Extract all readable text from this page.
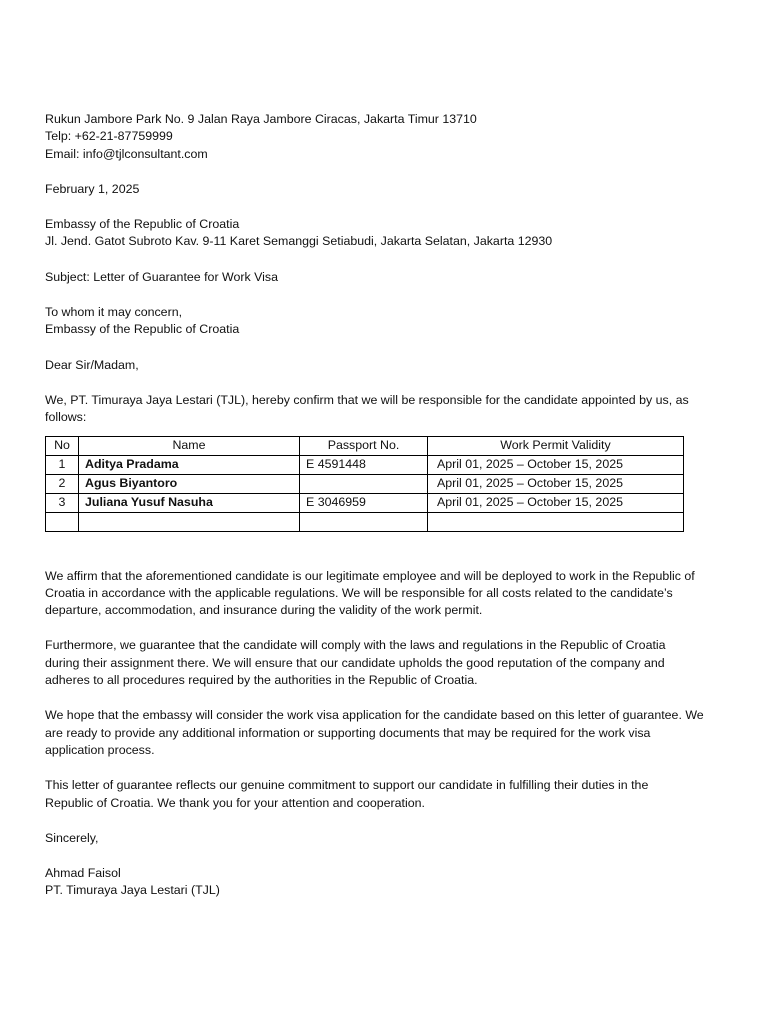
Rukun Jambore Park No. 9 Jalan Raya Jambore Ciracas, Jakarta Timur 13710
Telp: +62-21-87759999
Email: info@tjlconsultant.com
February 1, 2025
Embassy of the Republic of Croatia
Jl. Jend. Gatot Subroto Kav. 9-11 Karet Semanggi Setiabudi, Jakarta Selatan, Jakarta 12930
Subject: Letter of Guarantee for Work Visa
To whom it may concern,
Embassy of the Republic of Croatia
Dear Sir/Madam,
We, PT. Timuraya Jaya Lestari (TJL), hereby confirm that we will be responsible for the candidate appointed by us, as
follows:
No	Name	Passport No.	Work Permit Validity
1	Aditya Pradama	E 4591448	April 01, 2025 – October 15, 2025
2	Agus Biyantoro		April 01, 2025 – October 15, 2025
3	Juliana Yusuf Nasuha	E 3046959	April 01, 2025 – October 15, 2025

We affirm that the aforementioned candidate is our legitimate employee and will be deployed to work in the Republic of
Croatia in accordance with the applicable regulations. We will be responsible for all costs related to the candidate’s
departure, accommodation, and insurance during the validity of the work permit.
Furthermore, we guarantee that the candidate will comply with the laws and regulations in the Republic of Croatia
during their assignment there. We will ensure that our candidate upholds the good reputation of the company and
adheres to all procedures required by the authorities in the Republic of Croatia.
We hope that the embassy will consider the work visa application for the candidate based on this letter of guarantee. We
are ready to provide any additional information or supporting documents that may be required for the work visa
application process.
This letter of guarantee reflects our genuine commitment to support our candidate in fulfilling their duties in the
Republic of Croatia. We thank you for your attention and cooperation.
Sincerely,
Ahmad Faisol
PT. Timuraya Jaya Lestari (TJL)
